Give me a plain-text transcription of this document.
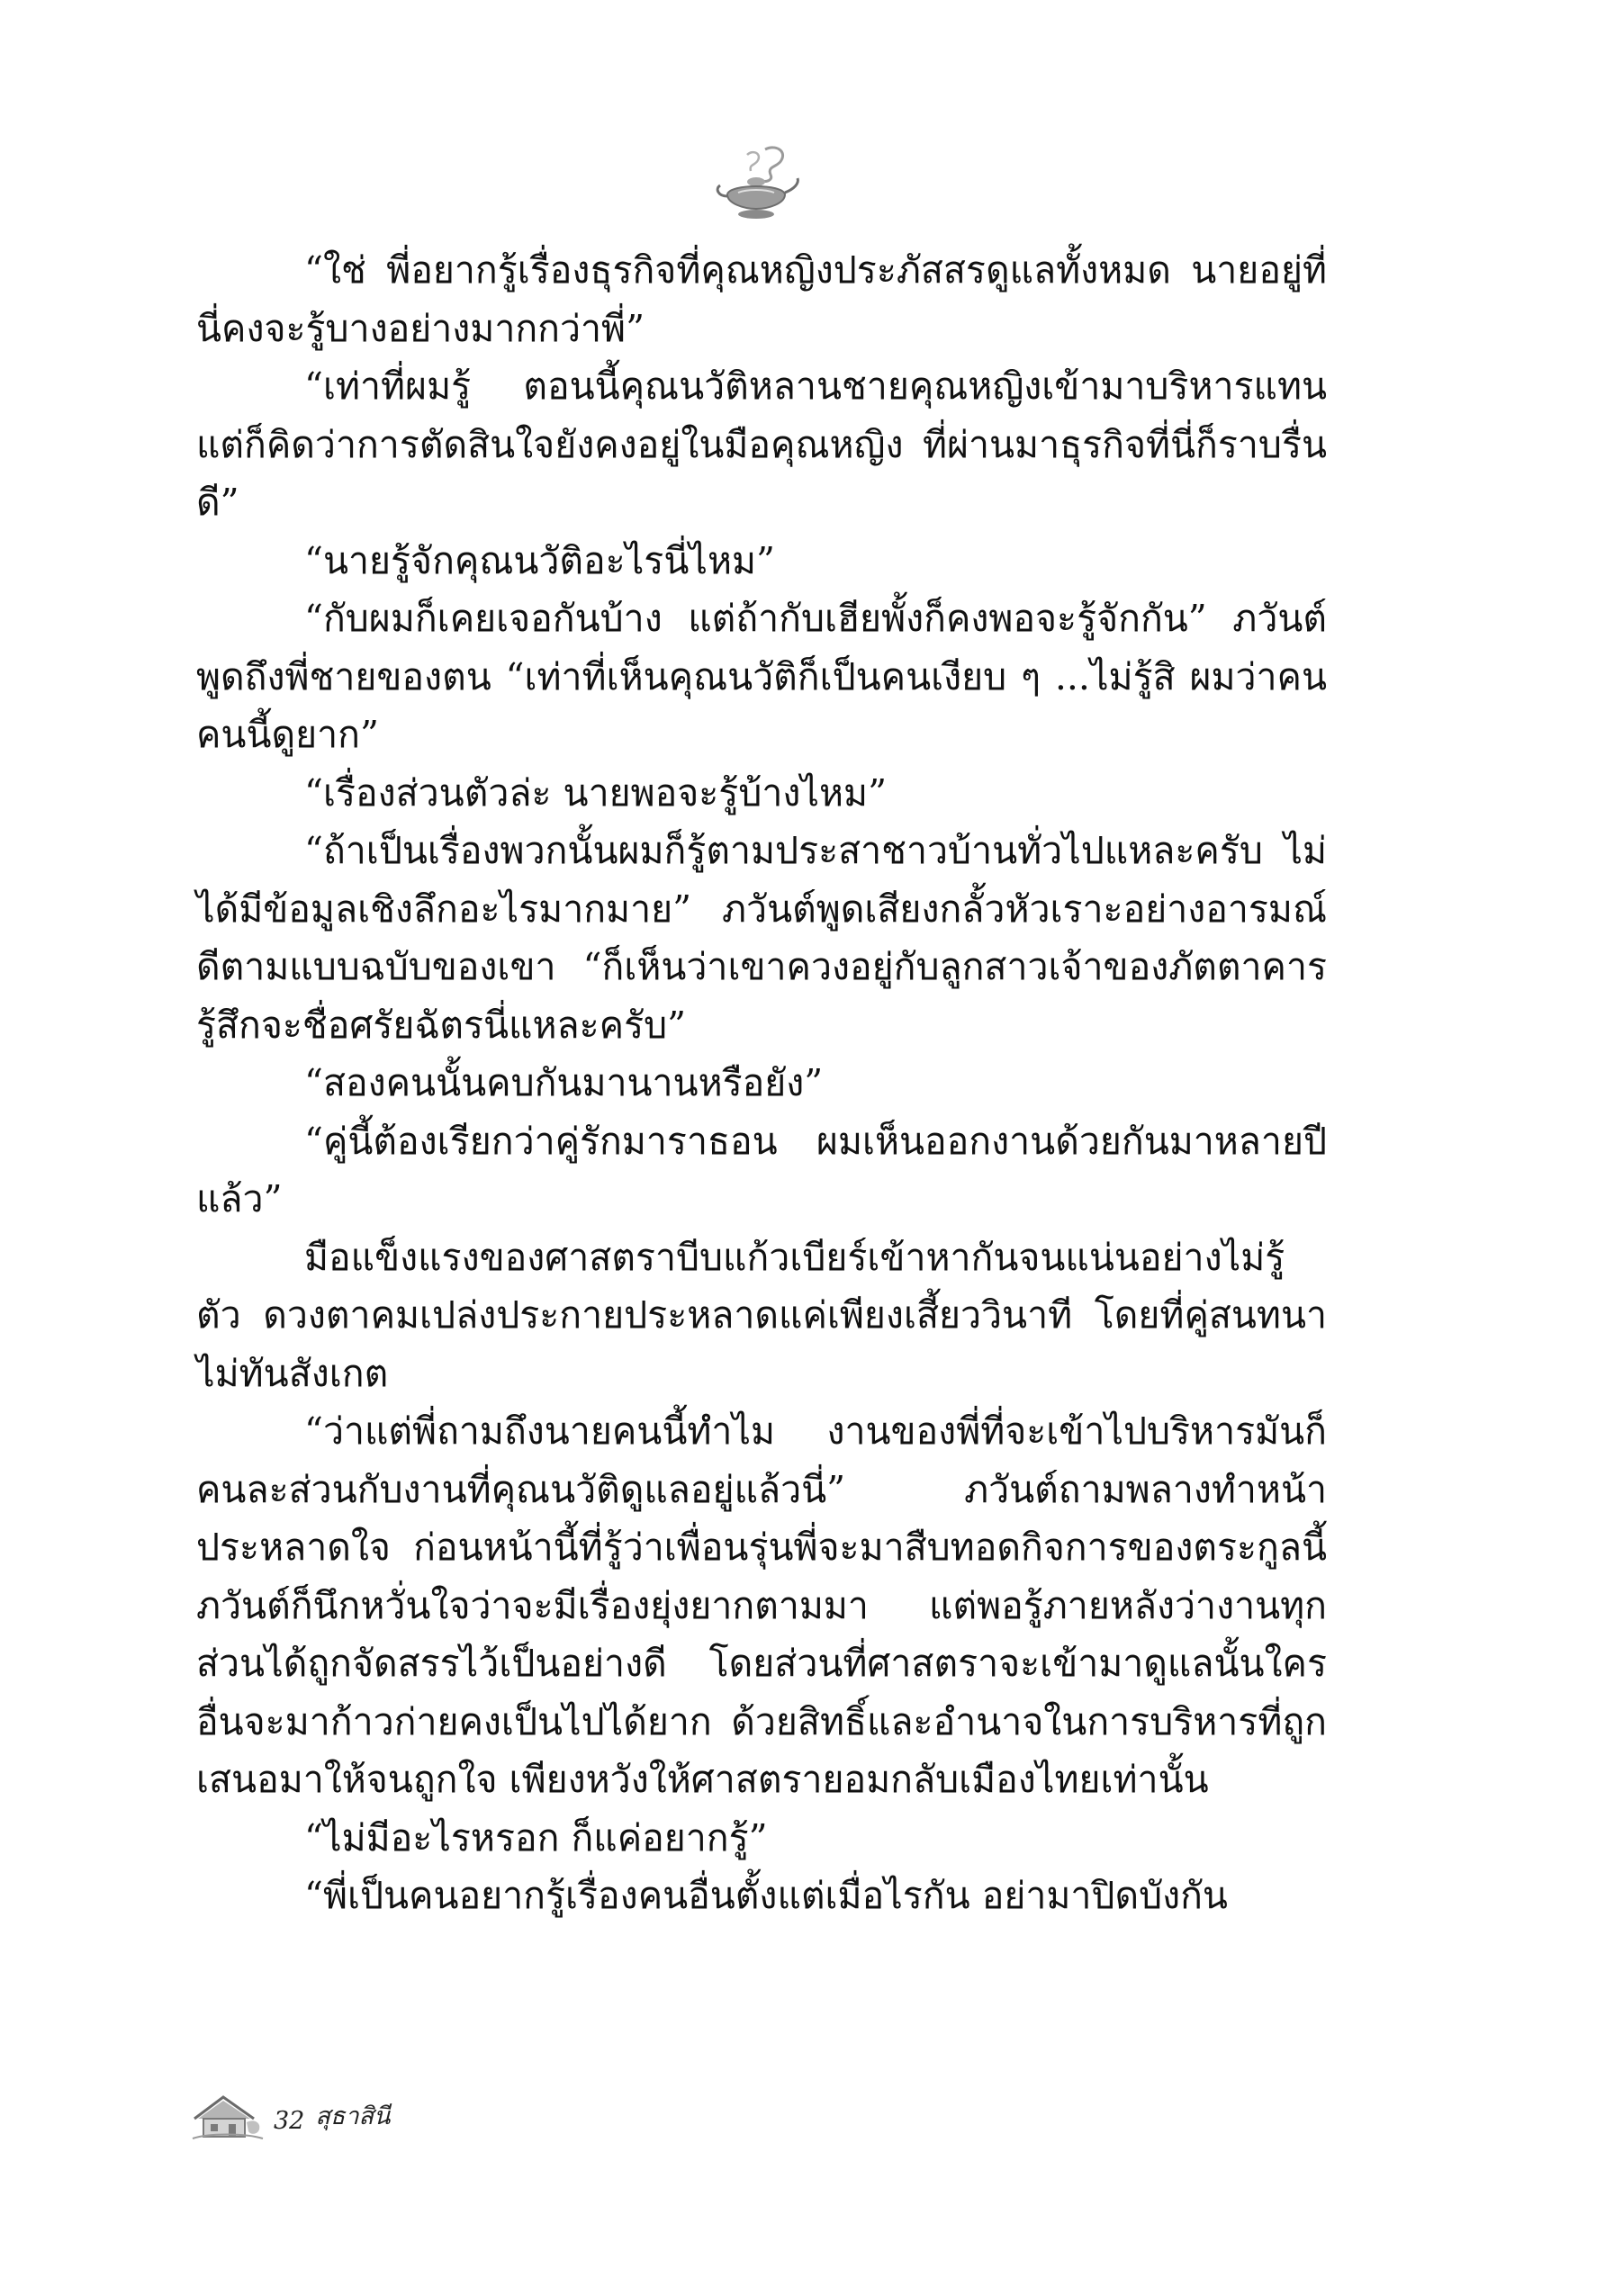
“ใช่ พี่อยากรู้เรื่องธุรกิจที่คุณหญิงประภัสสรดูแลทั้งหมด นายอยู่ที่นี่คงจะรู้บางอย่างมากกว่าพี่”

“เท่าที่ผมรู้ ตอนนี้คุณนวัติหลานชายคุณหญิงเข้ามาบริหารแทน แต่ก็คิดว่าการตัดสินใจยังคงอยู่ในมือคุณหญิง ที่ผ่านมาธุรกิจที่นี่ก็ราบรื่นดี”

“นายรู้จักคุณนวัติอะไรนี่ไหม”

“กับผมก็เคยเจอกันบ้าง แต่ถ้ากับเฮียพั้งก็คงพอจะรู้จักกัน” ภวันต์พูดถึงพี่ชายของตน “เท่าที่เห็นคุณนวัติก็เป็นคนเงียบ ๆ ...ไม่รู้สิ ผมว่าคนคนนี้ดูยาก”

“เรื่องส่วนตัวล่ะ นายพอจะรู้บ้างไหม”

“ถ้าเป็นเรื่องพวกนั้นผมก็รู้ตามประสาชาวบ้านทั่วไปแหละครับ ไม่ได้มีข้อมูลเชิงลึกอะไรมากมาย” ภวันต์พูดเสียงกลั้วหัวเราะอย่างอารมณ์ดีตามแบบฉบับของเขา “ก็เห็นว่าเขาควงอยู่กับลูกสาวเจ้าของภัตตาคาร รู้สึกจะชื่อศรัยฉัตรนี่แหละครับ”

“สองคนนั้นคบกันมานานหรือยัง”

“คู่นี้ต้องเรียกว่าคู่รักมาราธอน ผมเห็นออกงานด้วยกันมาหลายปีแล้ว”

มือแข็งแรงของศาสตราบีบแก้วเบียร์เข้าหากันจนแน่นอย่างไม่รู้ตัว ดวงตาคมเปล่งประกายประหลาดแค่เพียงเสี้ยววินาที โดยที่คู่สนทนาไม่ทันสังเกต

“ว่าแต่พี่ถามถึงนายคนนี้ทำไม งานของพี่ที่จะเข้าไปบริหารมันก็คนละส่วนกับงานที่คุณนวัติดูแลอยู่แล้วนี่” ภวันต์ถามพลางทำหน้าประหลาดใจ ก่อนหน้านี้ที่รู้ว่าเพื่อนรุ่นพี่จะมาสืบทอดกิจการของตระกูลนี้ ภวันต์ก็นึกหวั่นใจว่าจะมีเรื่องยุ่งยากตามมา แต่พอรู้ภายหลังว่างานทุกส่วนได้ถูกจัดสรรไว้เป็นอย่างดี โดยส่วนที่ศาสตราจะเข้ามาดูแลนั้นใครอื่นจะมาก้าวก่ายคงเป็นไปได้ยาก ด้วยสิทธิ์และอำนาจในการบริหารที่ถูกเสนอมาให้จนถูกใจ เพียงหวังให้ศาสตรายอมกลับเมืองไทยเท่านั้น

“ไม่มีอะไรหรอก ก็แค่อยากรู้”

“พี่เป็นคนอยากรู้เรื่องคนอื่นตั้งแต่เมื่อไรกัน อย่ามาปิดบังกัน

32 สุธาสินี
